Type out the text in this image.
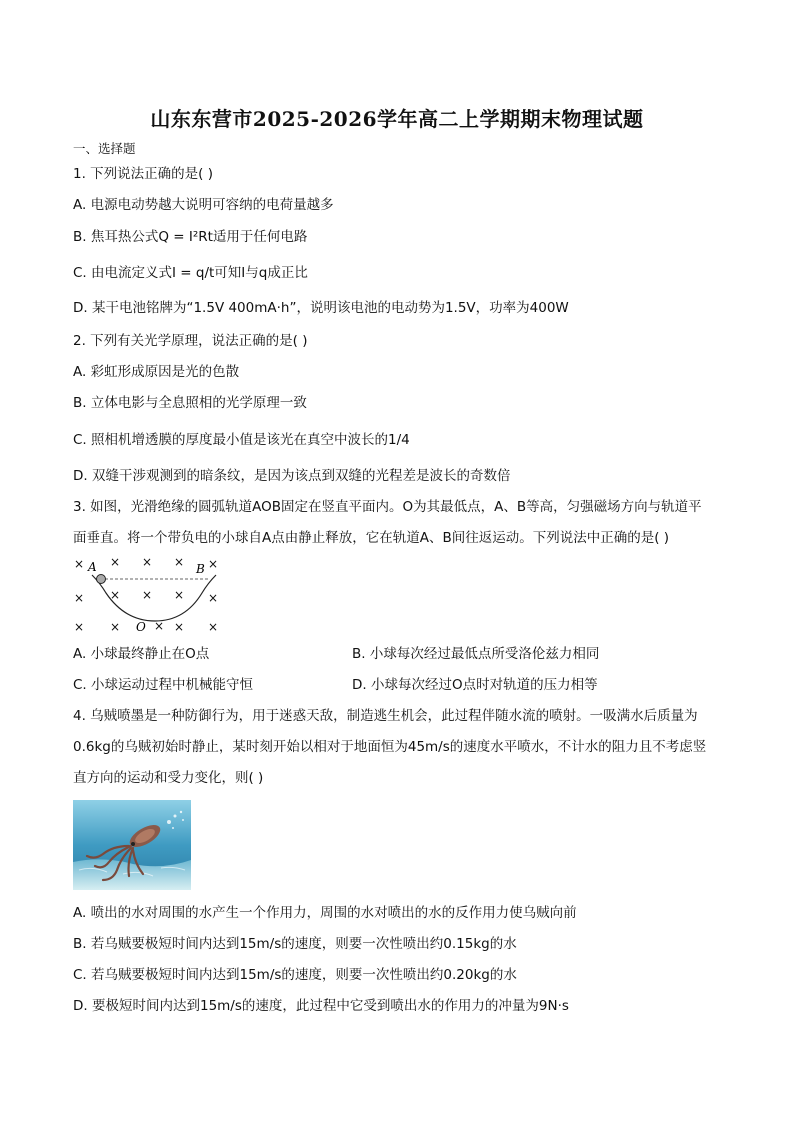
山东东营市2025-2026学年高二上学期期末物理试题
一、选择题
1. 下列说法正确的是( )
A. 电源电动势越大说明可容纳的电荷量越多
B. 焦耳热公式Q = I²Rt适用于任何电路
C. 由电流定义式I = q/t可知I与q成正比
D. 某干电池铭牌为“1.5V 400mA·h”，说明该电池的电动势为1.5V，功率为400W
2. 下列有关光学原理，说法正确的是( )
A. 彩虹形成原因是光的色散
B. 立体电影与全息照相的光学原理一致
C. 照相机增透膜的厚度最小值是该光在真空中波长的1/4
D. 双缝干涉观测到的暗条纹，是因为该点到双缝的光程差是波长的奇数倍
3. 如图，光滑绝缘的圆弧轨道AOB固定在竖直平面内。O为其最低点，A、B等高，匀强磁场方向与轨道平
面垂直。将一个带负电的小球自A点由静止释放，它在轨道A、B间往返运动。下列说法中正确的是( )
× × × × ×
× × × × ×
× ×	× ×
×
A	B
O
A. 小球最终静止在O点	B. 小球每次经过最低点所受洛伦兹力相同
C. 小球运动过程中机械能守恒	D. 小球每次经过O点时对轨道的压力相等
4. 乌贼喷墨是一种防御行为，用于迷惑天敌，制造逃生机会，此过程伴随水流的喷射。一吸满水后质量为
0.6kg的乌贼初始时静止，某时刻开始以相对于地面恒为45m/s的速度水平喷水，不计水的阻力且不考虑竖
直方向的运动和受力变化，则( )
A. 喷出的水对周围的水产生一个作用力，周围的水对喷出的水的反作用力使乌贼向前
B. 若乌贼要极短时间内达到15m/s的速度，则要一次性喷出约0.15kg的水
C. 若乌贼要极短时间内达到15m/s的速度，则要一次性喷出约0.20kg的水
D. 要极短时间内达到15m/s的速度，此过程中它受到喷出水的作用力的冲量为9N·s
